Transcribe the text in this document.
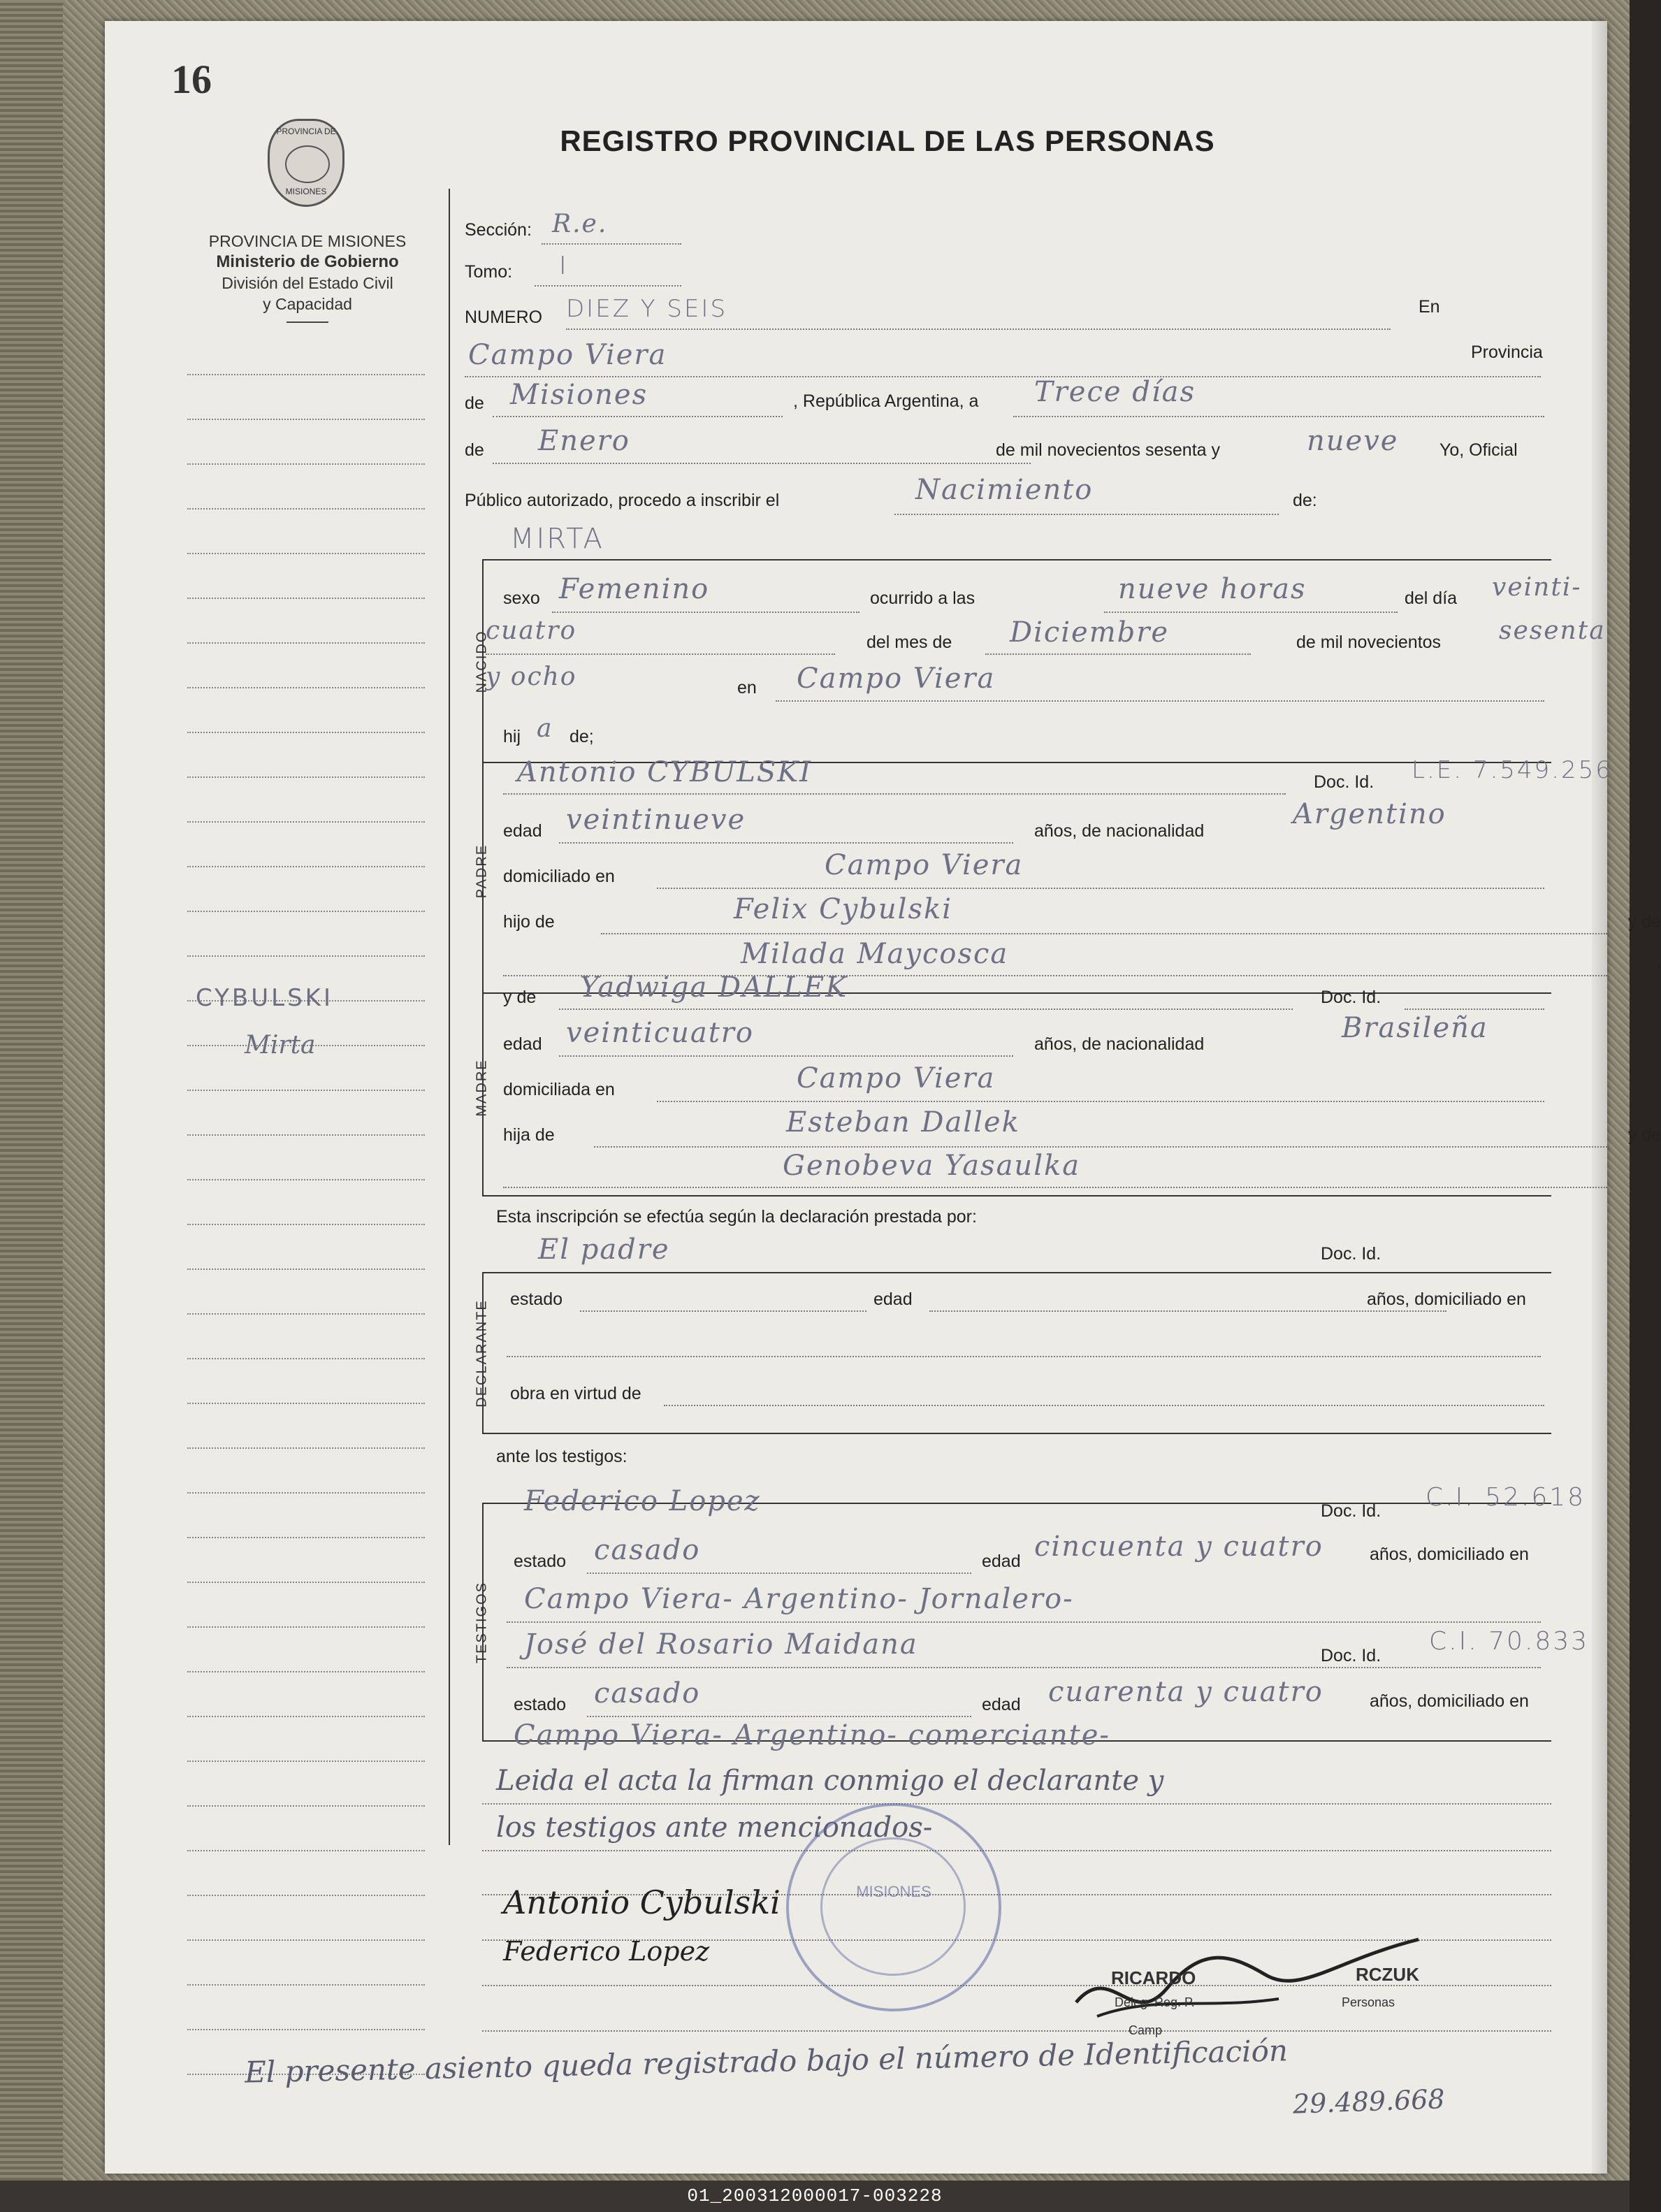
16
REGISTRO PROVINCIAL DE LAS PERSONAS
PROVINCIA DE
MISIONES
PROVINCIA DE MISIONES
Ministerio de Gobierno
División del Estado Civil
y Capacidad
CYBULSKI
Mirta
Sección: R.e.
Tomo: I
NUMERO DIEZ Y SEIS	En
Campo Viera	Provincia
de Misiones	, República Argentina, a Trece días
de Enero	de mil novecientos sesenta y	nueve Yo, Oficial
Público autorizado, procedo a inscribir el	Nacimiento	de:
MIRTA
NACIDO
sexo Femenino	ocurrido a las	nueve horas	del día veinti-
cuatro	del mes de Diciembre	de mil novecientos sesenta
y ocho	en Campo Viera
hij a de;
PADRE
Antonio CYBULSKI	Doc. Id. L.E. 7.549.256
edad veintinueve	años, de nacionalidad
Argentino
domiciliado en	Campo Viera
hijo de	Felix Cybulski	y de
Milada Maycosca	;
MADRE
y de Yadwiga DALLEK	Doc. Id.
edad veinticuatro	años, de nacionalidad	Brasileña
domiciliada en	Campo Viera
hija de	Esteban Dallek	y de
Genobeva Yasaulka
Esta inscripción se efectúa según la declaración prestada por:
El padre	Doc. Id.
DECLARANTE
estado	edad	años, domiciliado en
obra en virtud de
ante los testigos:
TESTIGOS
Federico Lopez	Doc. Id. C.I. 52.618
estado casado	edad cincuenta y cuatro	años, domiciliado en
Campo Viera- Argentino- Jornalero-
José del Rosario Maidana	Doc. Id. C.I. 70.833
estado casado	edad cuarenta y cuatro	años, domiciliado en
Campo Viera- Argentino- comerciante-
Leida el acta la firman conmigo el declarante y
los testigos ante mencionados-
MISIONES
Antonio Cybulski
Federico Lopez
RICARDO	RCZUK
Deleg. Reg. P.	Personas
Camp
El presente asiento queda registrado bajo el número de Identificación
29.489.668
01_200312000017-003228
